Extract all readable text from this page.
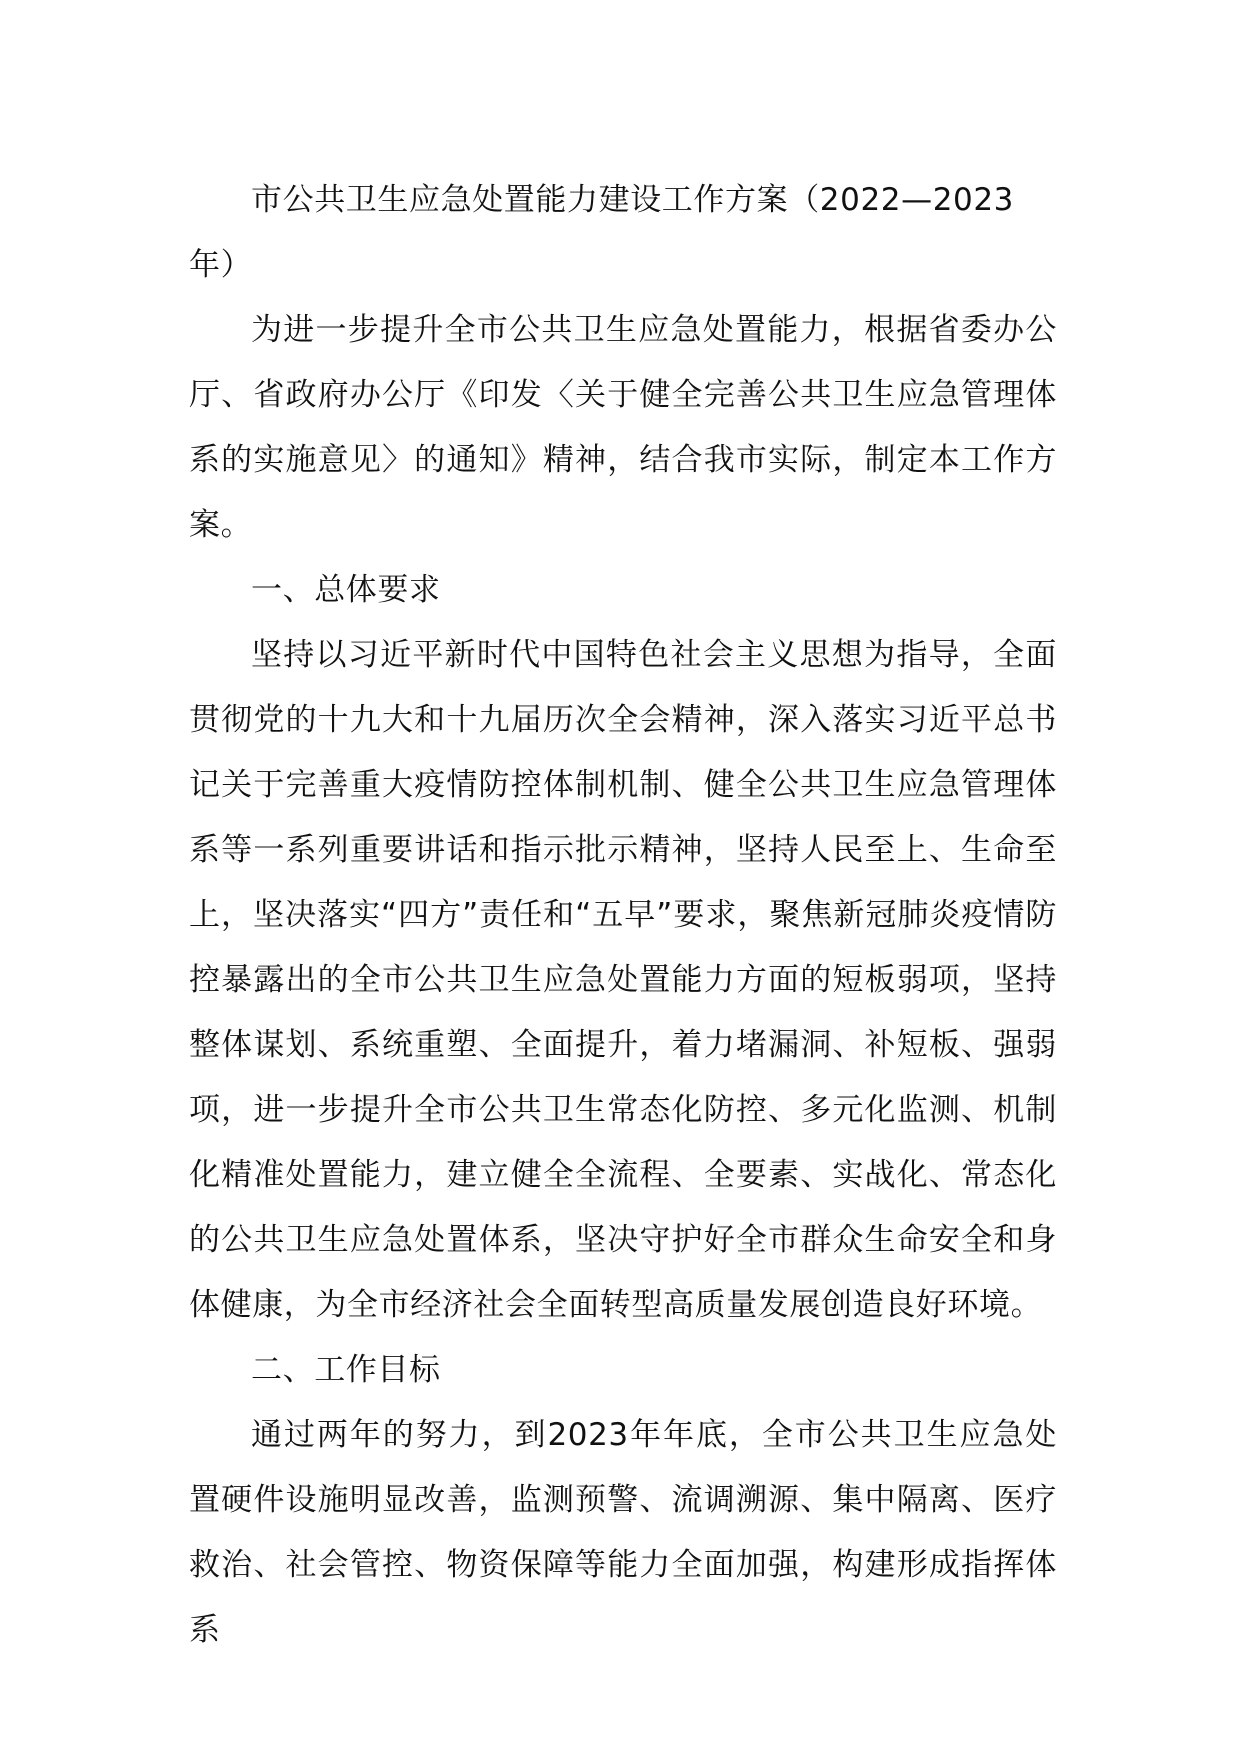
市公共卫生应急处置能力建设工作方案（2022—2023年）

为进一步提升全市公共卫生应急处置能力，根据省委办公厅、省政府办公厅《印发〈关于健全完善公共卫生应急管理体系的实施意见〉的通知》精神，结合我市实际，制定本工作方案。

一、总体要求

坚持以习近平新时代中国特色社会主义思想为指导，全面贯彻党的十九大和十九届历次全会精神，深入落实习近平总书记关于完善重大疫情防控体制机制、健全公共卫生应急管理体系等一系列重要讲话和指示批示精神，坚持人民至上、生命至上，坚决落实“四方”责任和“五早”要求，聚焦新冠肺炎疫情防控暴露出的全市公共卫生应急处置能力方面的短板弱项，坚持整体谋划、系统重塑、全面提升，着力堵漏洞、补短板、强弱项，进一步提升全市公共卫生常态化防控、多元化监测、机制化精准处置能力，建立健全全流程、全要素、实战化、常态化的公共卫生应急处置体系，坚决守护好全市群众生命安全和身体健康，为全市经济社会全面转型高质量发展创造良好环境。

二、工作目标

通过两年的努力，到2023年年底，全市公共卫生应急处置硬件设施明显改善，监测预警、流调溯源、集中隔离、医疗救治、社会管控、物资保障等能力全面加强，构建形成指挥体系
